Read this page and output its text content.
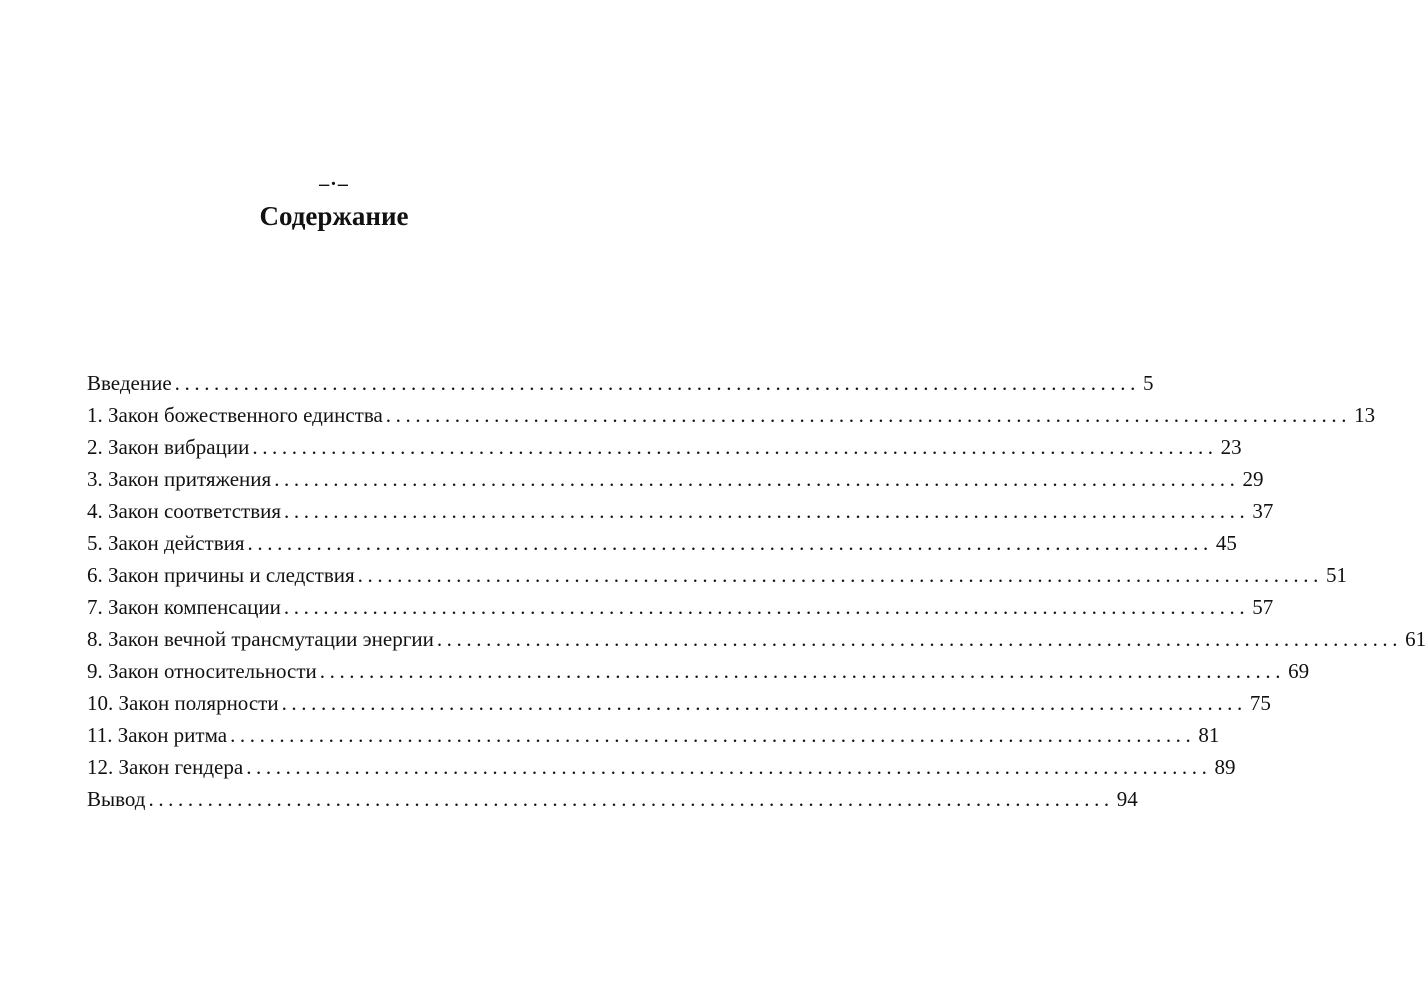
–·–
Содержание
Введение .................................................................................................. 5
1. Закон божественного единства .................................................................................................. 13
2. Закон вибрации .................................................................................................. 23
3. Закон притяжения .................................................................................................. 29
4. Закон соответствия .................................................................................................. 37
5. Закон действия .................................................................................................. 45
6. Закон причины и следствия .................................................................................................. 51
7. Закон компенсации .................................................................................................. 57
8. Закон вечной трансмутации энергии .................................................................................................. 61
9. Закон относительности .................................................................................................. 69
10. Закон полярности .................................................................................................. 75
11. Закон ритма .................................................................................................. 81
12. Закон гендера .................................................................................................. 89
Вывод .................................................................................................. 94
